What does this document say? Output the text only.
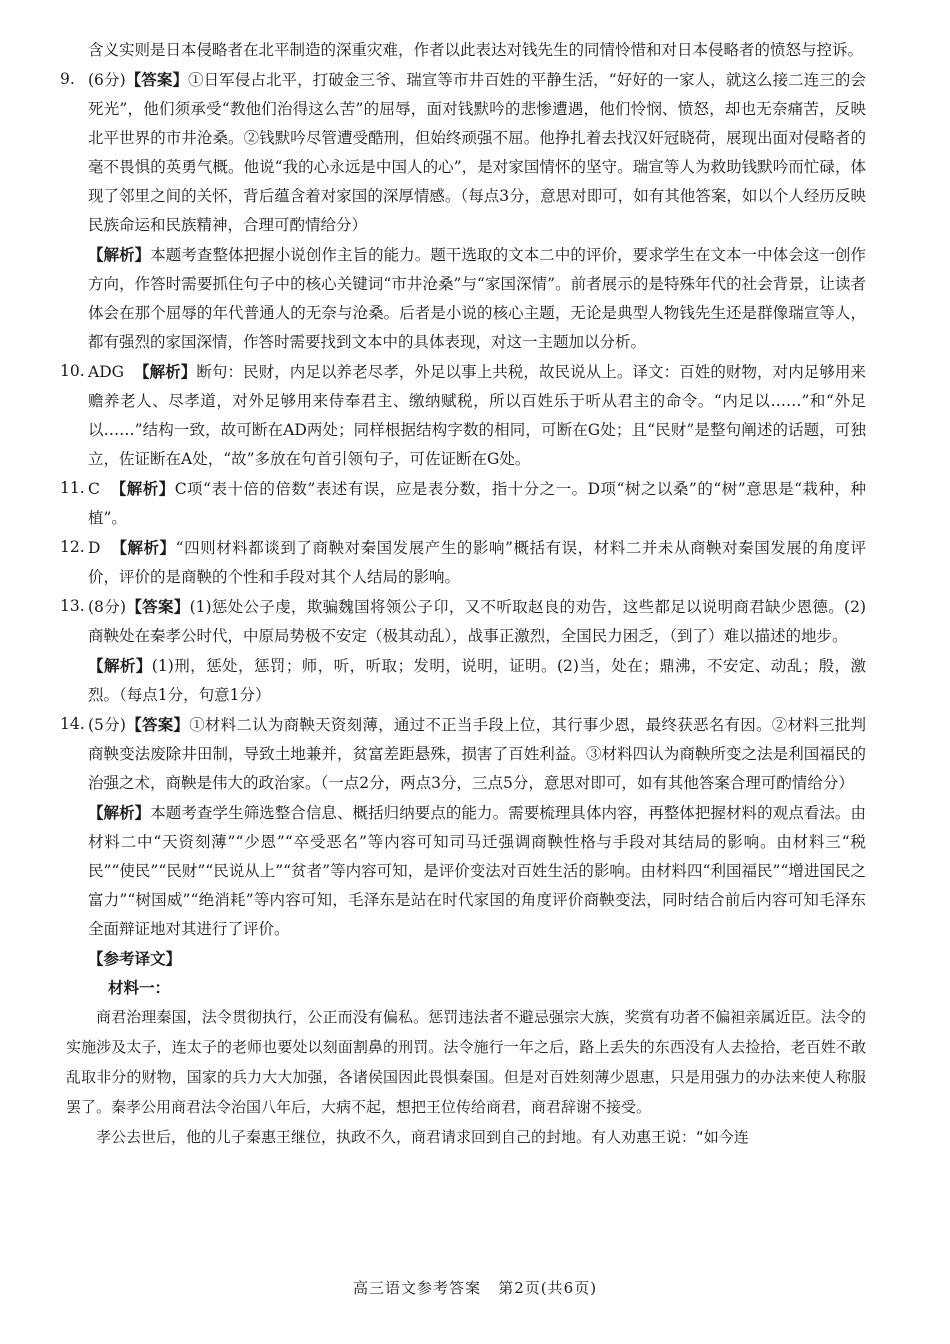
含义实则是日本侵略者在北平制造的深重灾难，作者以此表达对钱先生的同情怜惜和对日本侵略者的愤怒与控诉。

9. (6分)【答案】①日军侵占北平，打破金三爷、瑞宣等市井百姓的平静生活，“好好的一家人，就这么接二连三的会死光”，他们须承受“教他们治得这么苦”的屈辱，面对钱默吟的悲惨遭遇，他们怜悯、愤怒，却也无奈痛苦，反映北平世界的市井沧桑。②钱默吟尽管遭受酷刑，但始终顽强不屈。他挣扎着去找汉奸冠晓荷，展现出面对侵略者的毫不畏惧的英勇气概。他说“我的心永远是中国人的心”，是对家国情怀的坚守。瑞宣等人为救助钱默吟而忙碌，体现了邻里之间的关怀，背后蕴含着对家国的深厚情感。（每点3分，意思对即可，如有其他答案，如以个人经历反映民族命运和民族精神，合理可酌情给分）

【解析】本题考查整体把握小说创作主旨的能力。题干选取的文本二中的评价，要求学生在文本一中体会这一创作方向，作答时需要抓住句子中的核心关键词“市井沧桑”与“家国深情”。前者展示的是特殊年代的社会背景，让读者体会在那个屈辱的年代普通人的无奈与沧桑。后者是小说的核心主题，无论是典型人物钱先生还是群像瑞宣等人，都有强烈的家国深情，作答时需要找到文本中的具体表现，对这一主题加以分析。

10. ADG 【解析】断句：民财，内足以养老尽孝，外足以事上共税，故民说从上。译文：百姓的财物，对内足够用来赡养老人、尽孝道，对外足够用来侍奉君主、缴纳赋税，所以百姓乐于听从君主的命令。“内足以……”和“外足以……”结构一致，故可断在AD两处；同样根据结构字数的相同，可断在G处；且“民财”是整句阐述的话题，可独立，佐证断在A处，“故”多放在句首引领句子，可佐证断在G处。

11. C 【解析】C项“表十倍的倍数”表述有误，应是表分数，指十分之一。D项“树之以桑”的“树”意思是“栽种，种植”。

12. D 【解析】“四则材料都谈到了商鞅对秦国发展产生的影响”概括有误，材料二并未从商鞅对秦国发展的角度评价，评价的是商鞅的个性和手段对其个人结局的影响。

13. (8分)【答案】(1)惩处公子虔，欺骗魏国将领公子卬，又不听取赵良的劝告，这些都足以说明商君缺少恩德。(2)商鞅处在秦孝公时代，中原局势极不安定（极其动乱），战事正激烈，全国民力困乏，（到了）难以描述的地步。

【解析】(1)刑，惩处，惩罚；师，听，听取；发明，说明，证明。(2)当，处在；鼎沸，不安定、动乱；殷，激烈。（每点1分，句意1分）

14. (5分)【答案】①材料二认为商鞅天资刻薄，通过不正当手段上位，其行事少恩，最终获恶名有因。②材料三批判商鞅变法废除井田制，导致土地兼并，贫富差距悬殊，损害了百姓利益。③材料四认为商鞅所变之法是利国福民的治强之术，商鞅是伟大的政治家。（一点2分，两点3分，三点5分，意思对即可，如有其他答案合理可酌情给分）

【解析】本题考查学生筛选整合信息、概括归纳要点的能力。需要梳理具体内容，再整体把握材料的观点看法。由材料二中“天资刻薄”“少恩”“卒受恶名”等内容可知司马迁强调商鞅性格与手段对其结局的影响。由材料三“税民”“使民”“民财”“民说从上”“贫者”等内容可知，是评价变法对百姓生活的影响。由材料四“利国福民”“增进国民之富力”“树国威”“绝消耗”等内容可知，毛泽东是站在时代家国的角度评价商鞅变法，同时结合前后内容可知毛泽东全面辩证地对其进行了评价。

【参考译文】

材料一：

商君治理秦国，法令贯彻执行，公正而没有偏私。惩罚违法者不避忌强宗大族，奖赏有功者不偏袒亲属近臣。法令的实施涉及太子，连太子的老师也要处以刻面割鼻的刑罚。法令施行一年之后，路上丢失的东西没有人去捡拾，老百姓不敢乱取非分的财物，国家的兵力大大加强，各诸侯国因此畏惧秦国。但是对百姓刻薄少恩惠，只是用强力的办法来使人称服罢了。秦孝公用商君法令治国八年后，大病不起，想把王位传给商君，商君辞谢不接受。

孝公去世后，他的儿子秦惠王继位，执政不久，商君请求回到自己的封地。有人劝惠王说：“如今连

高三语文参考答案 第2页(共6页)
